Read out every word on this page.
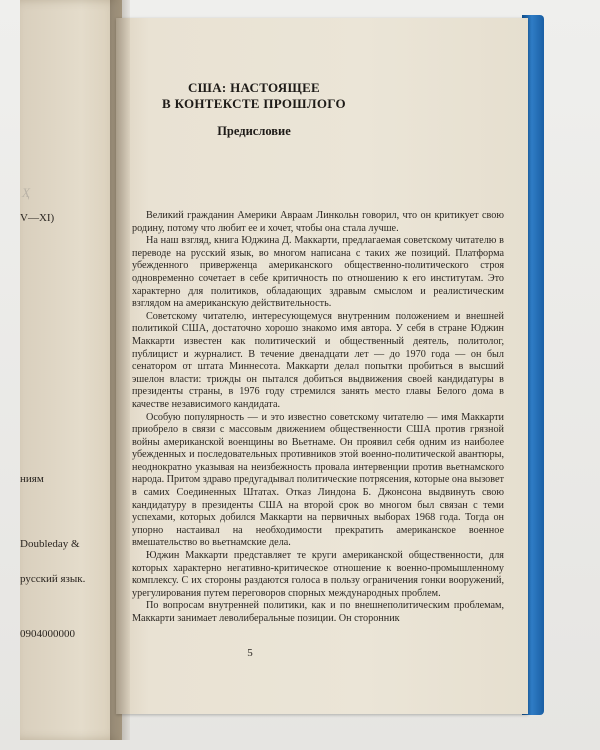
Ҳ
V—XI)
ниям
Doubleday &
русский язык.
0904000000
США: НАСТОЯЩЕЕ
В КОНТЕКСТЕ ПРОШЛОГО
Предисловие

Великий гражданин Америки Авраам Линкольн говорил, что он критикует свою родину, потому что любит ее и хочет, чтобы она стала лучше.

На наш взгляд, книга Юджина Д. Маккарти, предлагаемая советскому читателю в переводе на русский язык, во многом написана с таких же позиций. Платформа убежденного приверженца американского общественно-политического строя одновременно сочетает в себе критичность по отношению к его институтам. Это характерно для политиков, обладающих здравым смыслом и реалистическим взглядом на американскую действительность.

Советскому читателю, интересующемуся внутренним положением и внешней политикой США, достаточно хорошо знакомо имя автора. У себя в стране Юджин Маккарти известен как политический и общественный деятель, политолог, публицист и журналист. В течение двенадцати лет — до 1970 года — он был сенатором от штата Миннесота. Маккарти делал попытки пробиться в высший эшелон власти: трижды он пытался добиться выдвижения своей кандидатуры в президенты страны, в 1976 году стремился занять место главы Белого дома в качестве независимого кандидата.

Особую популярность — и это известно советскому читателю — имя Маккарти приобрело в связи с массовым движением общественности США против грязной войны американской военщины во Вьетнаме. Он проявил себя одним из наиболее убежденных и последовательных противников этой военно-политической авантюры, неоднократно указывая на неизбежность провала интервенции против вьетнамского народа. Притом здраво предугадывал политические потрясения, которые она вызовет в самих Соединенных Штатах. Отказ Линдона Б. Джонсона выдвинуть свою кандидатуру в президенты США на второй срок во многом был связан с теми успехами, которых добился Маккарти на первичных выборах 1968 года. Тогда он упорно настаивал на необходимости прекратить американское военное вмешательство во вьетнамские дела.

Юджин Маккарти представляет те круги американской общественности, для которых характерно негативно-критическое отношение к военно-промышленному комплексу. С их стороны раздаются голоса в пользу ограничения гонки вооружений, урегулирования путем переговоров спорных международных проблем.

По вопросам внутренней политики, как и по внешнеполитическим проблемам, Маккарти занимает леволиберальные позиции. Он сторонник

5
